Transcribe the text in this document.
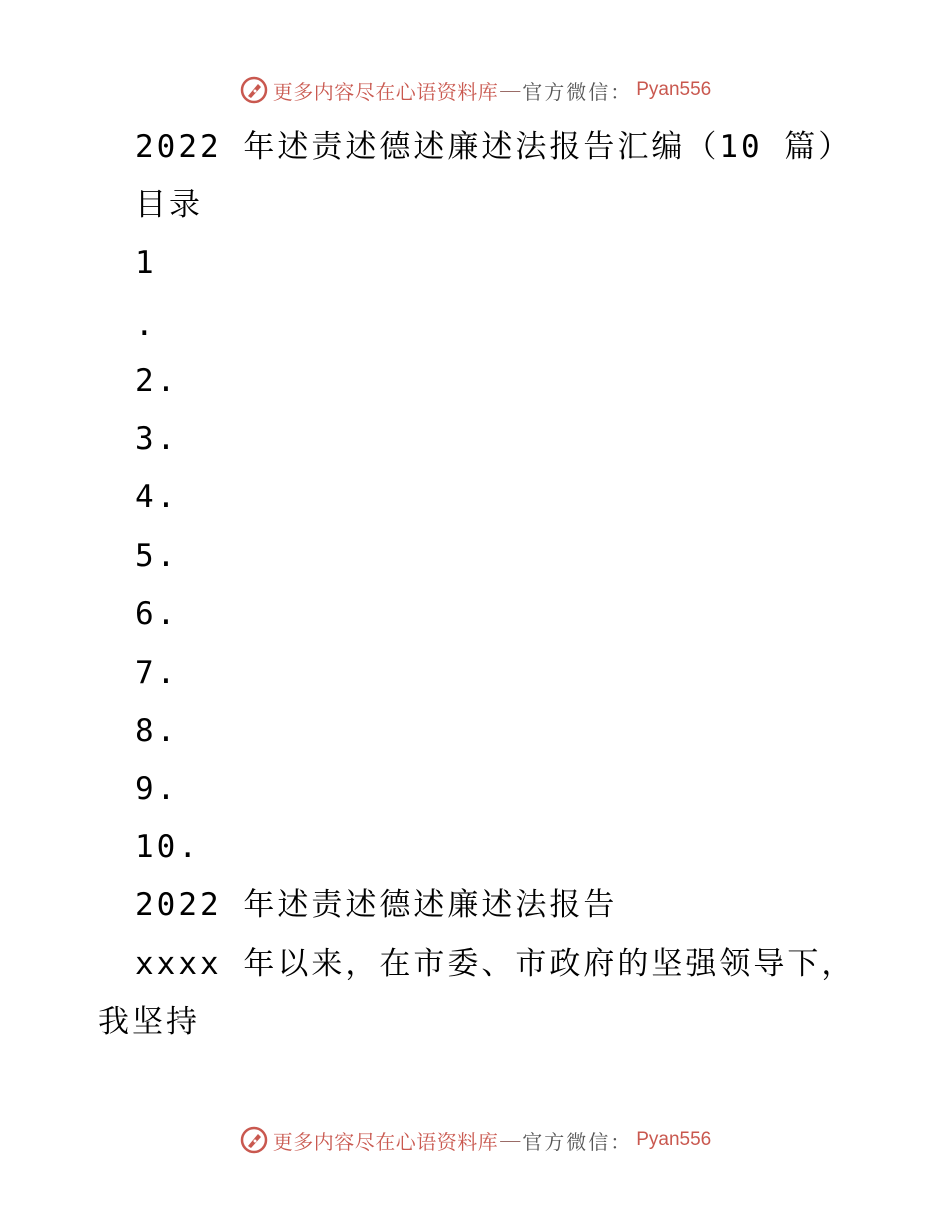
更多内容尽在心语资料库 — 官方微信： Pyan556
2022 年述责述德述廉述法报告汇编（10 篇）
目录
1
.
2.
3.
4.
5.
6.
7.
8.
9.
10.
2022 年述责述德述廉述法报告
xxxx 年以来，在市委、市政府的坚强领导下，
我坚持
更多内容尽在心语资料库 — 官方微信： Pyan556
